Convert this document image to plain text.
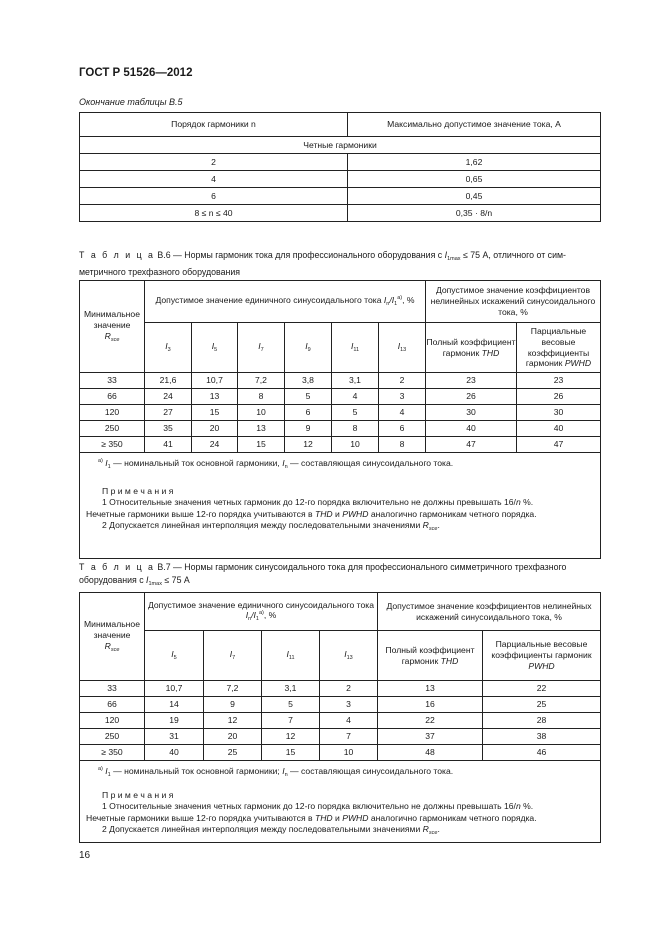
ГОСТ Р 51526—2012
Окончание таблицы В.5
Порядок гармоники n	Максимально допустимое значение тока, А
Четные гармоники	
2	1,62
4	0,65
6	0,45
8 ≤ n ≤ 40	0,35 · 8/n
Т а б л и ц а В.6 — Нормы гармоник тока для профессионального оборудования с $I_{1max} \le 75$ А, отличного от сим-
метричного трехфазного оборудования
Минимальное значение
$R_{sce}$	Допустимое значение единичного синусоидального тока $I_n/I_1^{а)}$, %						Допустимое значение коэффициентов нелинейных искажений синусоидального тока, %	
	$I_3$	$I_5$	$I_7$	$I_9$	$I_{11}$	$I_{13}$	Полный коэффициент гармоник THD	Парциальные весовые коэффициенты гармоник PWHD
33	21,6	10,7	7,2	3,8	3,1	2	23	23
66	24	13	8	5	4	3	26	26
120	27	15	10	6	5	4	30	30
250	35	20	13	9	8	6	40	40
≥ 350	41	24	15	12	10	8	47	47

$^{а)}$ $I_1$ — номинальный ток основной гармоники, $I_n$ — составляющая синусоидального тока.
П р и м е ч а н и я
1 Относительные значения четных гармоник до 12-го порядка включительно не должны превышать 16/n %.
Нечетные гармоники выше 12-го порядка учитываются в THD и PWHD аналогично гармоникам четного порядка.
2 Допускается линейная интерполяция между последовательными значениями $R_{sce}$.								
Т а б л и ц а В.7 — Нормы гармоник синусоидального тока для профессионального симметричного трехфазного
оборудования с $I_{1max} \le 75$ А
Минимальное значение
$R_{sce}$	Допустимое значение единичного синусоидального тока $I_n/I_1^{а)}$, %				Допустимое значение коэффициентов нелинейных искажений синусоидального тока, %	
	$I_5$	$I_7$	$I_{11}$	$I_{13}$	Полный коэффициент гармоник THD	Парциальные весовые коэффициенты гармоник PWHD
33	10,7	7,2	3,1	2	13	22
66	14	9	5	3	16	25
120	19	12	7	4	22	28
250	31	20	12	7	37	38
≥ 350	40	25	15	10	48	46

$^{а)}$ $I_1$ — номинальный ток основной гармоники; $I_n$ — составляющая синусоидального тока.
П р и м е ч а н и я
1 Относительные значения четных гармоник до 12-го порядка включительно не должны превышать 16/n %.
Нечетные гармоники выше 12-го порядка учитываются в THD и PWHD аналогично гармоникам четного порядка.
2 Допускается линейная интерполяция между последовательными значениями $R_{sce}$.						
16
